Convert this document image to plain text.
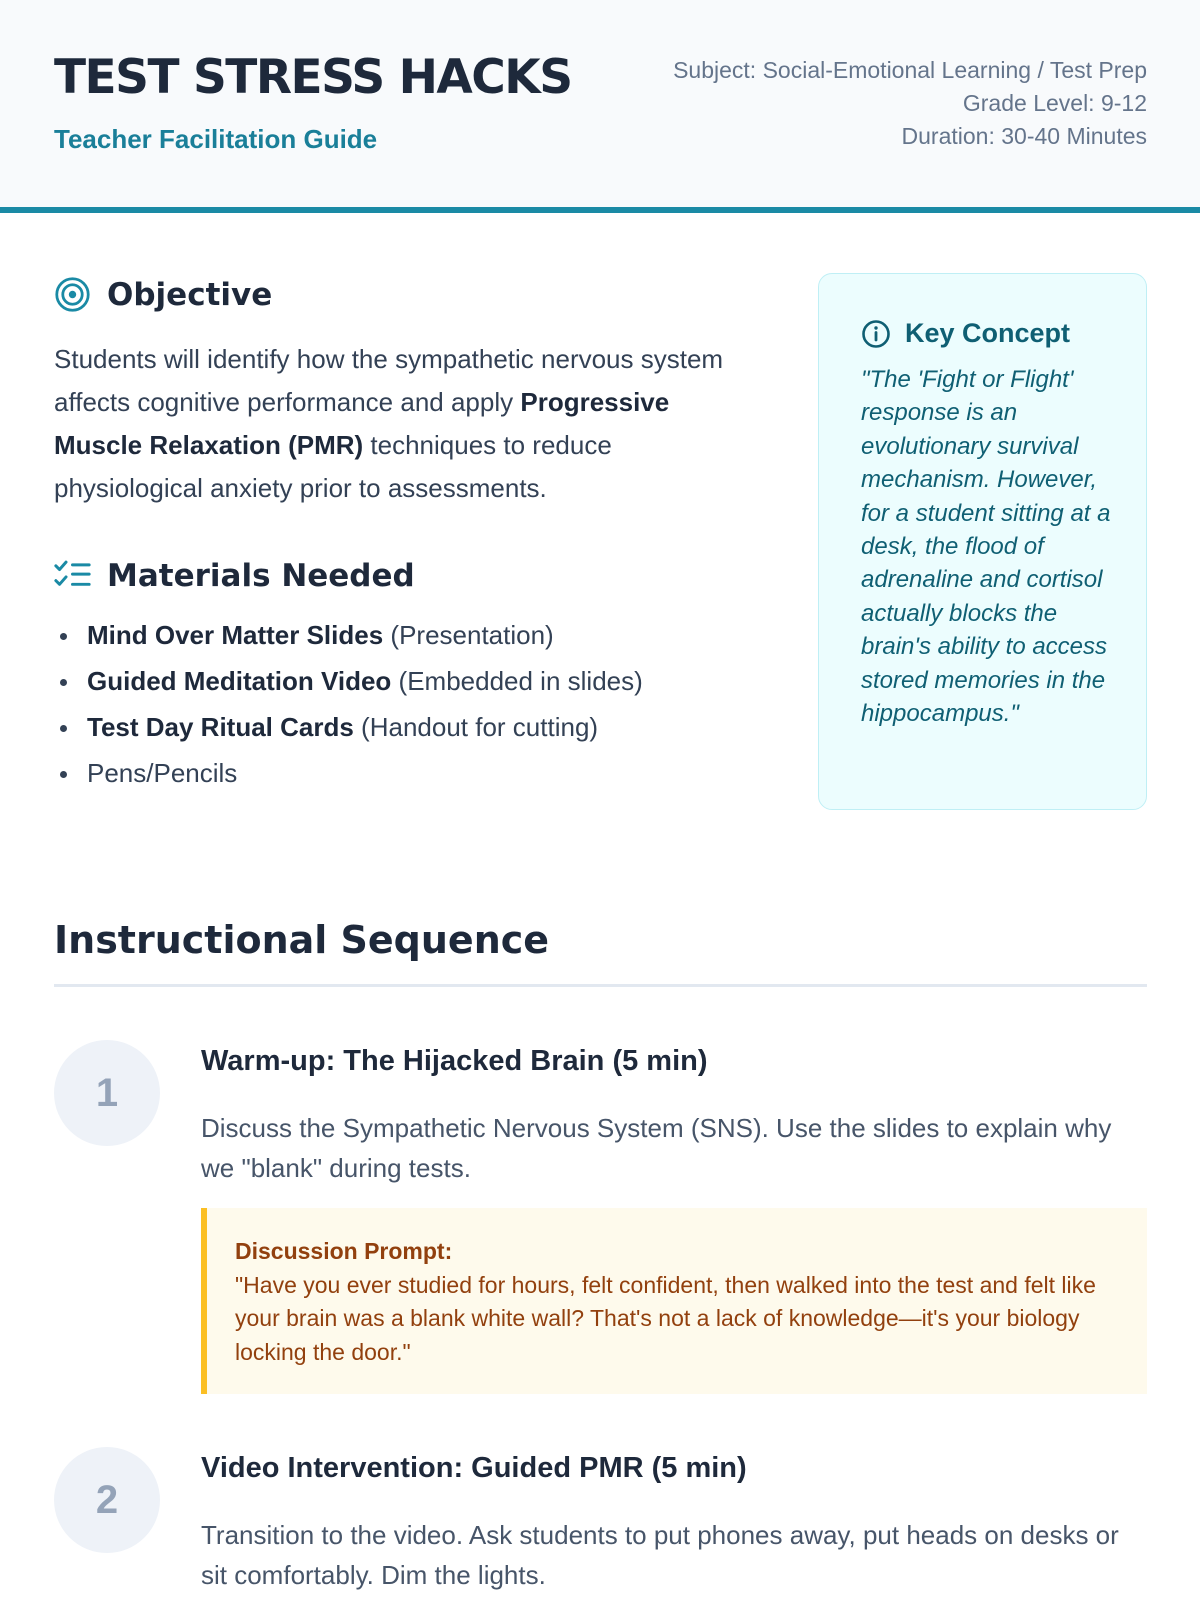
TEST STRESS HACKS
Teacher Facilitation Guide
Subject: Social-Emotional Learning / Test Prep
Grade Level: 9-12
Duration: 30-40 Minutes
Objective

Students will identify how the sympathetic nervous system affects cognitive performance and apply Progressive Muscle Relaxation (PMR) techniques to reduce physiological anxiety prior to assessments.

Materials Needed
Mind Over Matter Slides (Presentation)
Guided Meditation Video (Embedded in slides)
Test Day Ritual Cards (Handout for cutting)
Pens/Pencils
Key Concept
"The 'Fight or Flight' response is an evolutionary survival mechanism. However, for a student sitting at a desk, the flood of adrenaline and cortisol actually blocks the brain's ability to access stored memories in the hippocampus."
Instructional Sequence
1
Warm-up: The Hijacked Brain (5 min)

Discuss the Sympathetic Nervous System (SNS). Use the slides to explain why we "blank" during tests.

Discussion Prompt:
"Have you ever studied for hours, felt confident, then walked into the test and felt like your brain was a blank white wall? That's not a lack of knowledge—it's your biology locking the door."
2
Video Intervention: Guided PMR (5 min)

Transition to the video. Ask students to put phones away, put heads on desks or sit comfortably. Dim the lights.
